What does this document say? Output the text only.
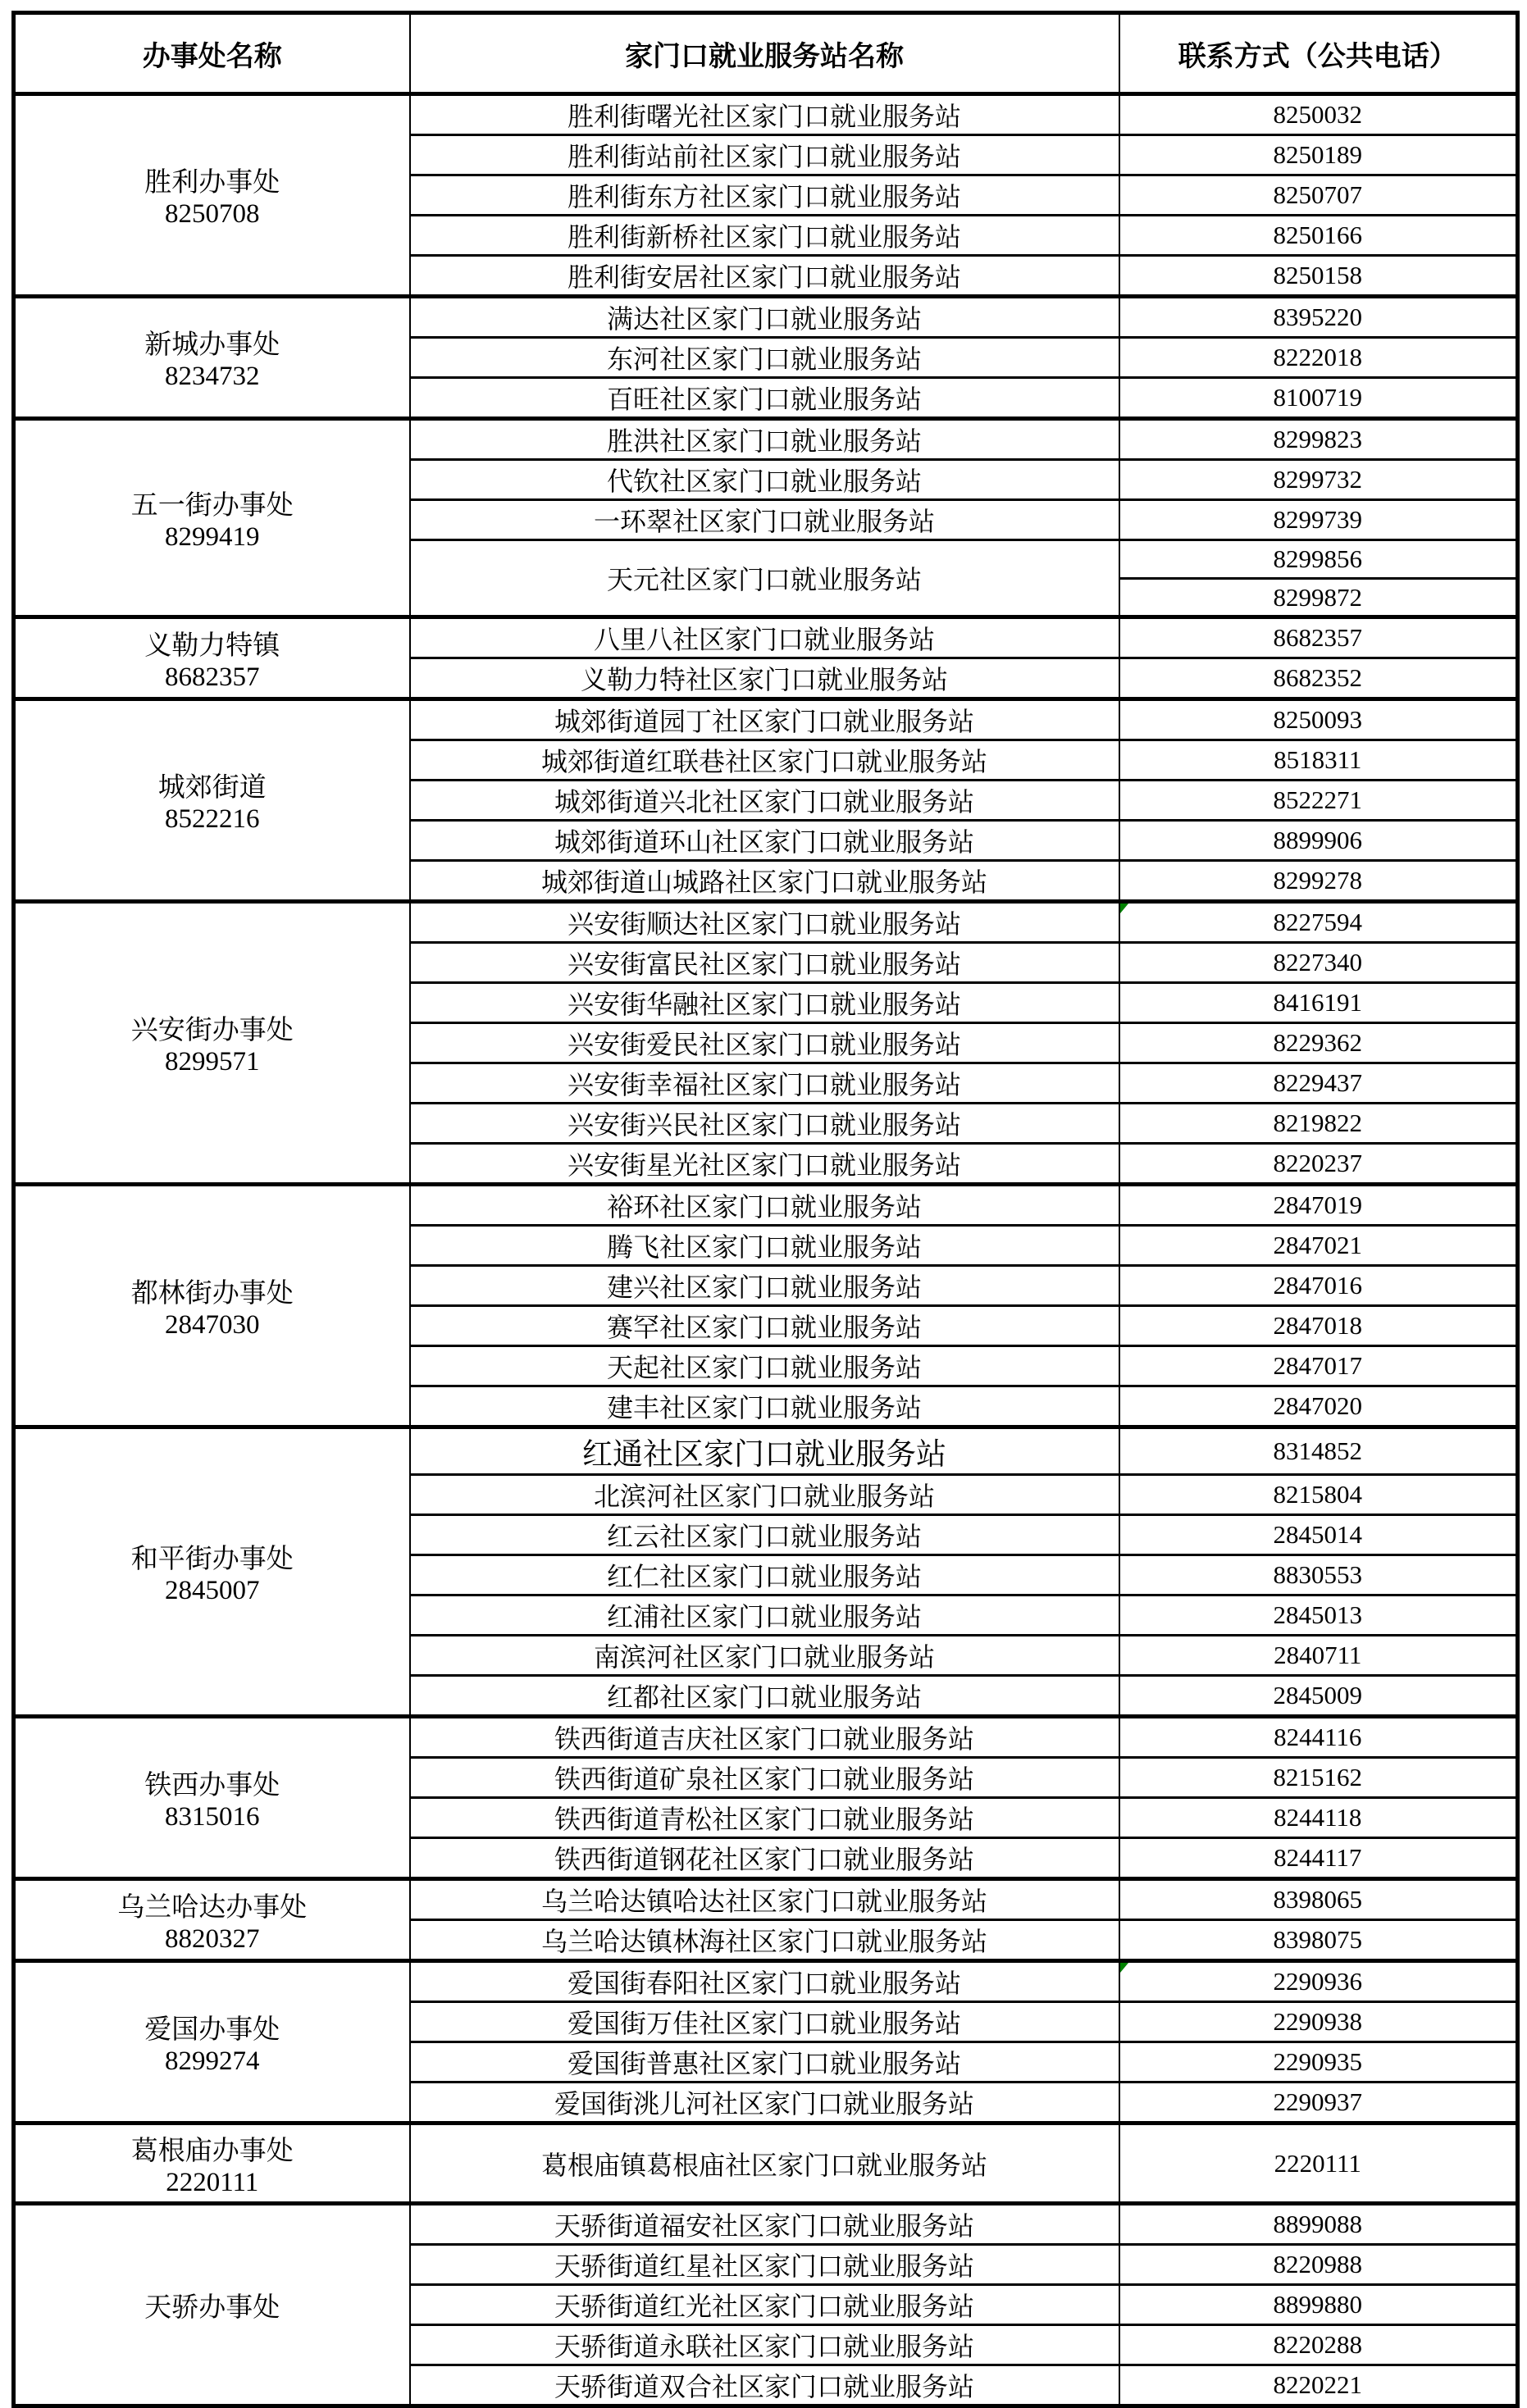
办事处名称	家门口就业服务站名称	联系方式（公共电话）

胜利办事处
8250708	胜利街曙光社区家门口就业服务站	8250032
	胜利街站前社区家门口就业服务站	8250189
	胜利街东方社区家门口就业服务站	8250707
	胜利街新桥社区家门口就业服务站	8250166
	胜利街安居社区家门口就业服务站	8250158

新城办事处
8234732	满达社区家门口就业服务站	8395220
	东河社区家门口就业服务站	8222018
	百旺社区家门口就业服务站	8100719

五一街办事处
8299419	胜洪社区家门口就业服务站	8299823
	代钦社区家门口就业服务站	8299732
	一环翠社区家门口就业服务站	8299739
	天元社区家门口就业服务站	8299856
		8299872

义勒力特镇
8682357	八里八社区家门口就业服务站	8682357
	义勒力特社区家门口就业服务站	8682352

城郊街道
8522216	城郊街道园丁社区家门口就业服务站	8250093
	城郊街道红联巷社区家门口就业服务站	8518311
	城郊街道兴北社区家门口就业服务站	8522271
	城郊街道环山社区家门口就业服务站	8899906
	城郊街道山城路社区家门口就业服务站	8299278

兴安街办事处
8299571	兴安街顺达社区家门口就业服务站	8227594

	兴安街富民社区家门口就业服务站	8227340
	兴安街华融社区家门口就业服务站	8416191
	兴安街爱民社区家门口就业服务站	8229362
	兴安街幸福社区家门口就业服务站	8229437
	兴安街兴民社区家门口就业服务站	8219822
	兴安街星光社区家门口就业服务站	8220237

都林街办事处
2847030	裕环社区家门口就业服务站	2847019
	腾飞社区家门口就业服务站	2847021
	建兴社区家门口就业服务站	2847016
	赛罕社区家门口就业服务站	2847018
	天起社区家门口就业服务站	2847017
	建丰社区家门口就业服务站	2847020

和平街办事处
2845007	红通社区家门口就业服务站	8314852
	北滨河社区家门口就业服务站	8215804
	红云社区家门口就业服务站	2845014
	红仁社区家门口就业服务站	8830553
	红浦社区家门口就业服务站	2845013
	南滨河社区家门口就业服务站	2840711
	红都社区家门口就业服务站	2845009

铁西办事处
8315016	铁西街道吉庆社区家门口就业服务站	8244116
	铁西街道矿泉社区家门口就业服务站	8215162
	铁西街道青松社区家门口就业服务站	8244118
	铁西街道钢花社区家门口就业服务站	8244117

乌兰哈达办事处
8820327	乌兰哈达镇哈达社区家门口就业服务站	8398065
	乌兰哈达镇林海社区家门口就业服务站	8398075

爱国办事处
8299274	爱国街春阳社区家门口就业服务站	2290936

	爱国街万佳社区家门口就业服务站	2290938
	爱国街普惠社区家门口就业服务站	2290935
	爱国街洮儿河社区家门口就业服务站	2290937

葛根庙办事处
2220111	葛根庙镇葛根庙社区家门口就业服务站	2220111

天骄办事处	天骄街道福安社区家门口就业服务站	8899088
	天骄街道红星社区家门口就业服务站	8220988
	天骄街道红光社区家门口就业服务站	8899880
	天骄街道永联社区家门口就业服务站	8220288
	天骄街道双合社区家门口就业服务站	8220221
